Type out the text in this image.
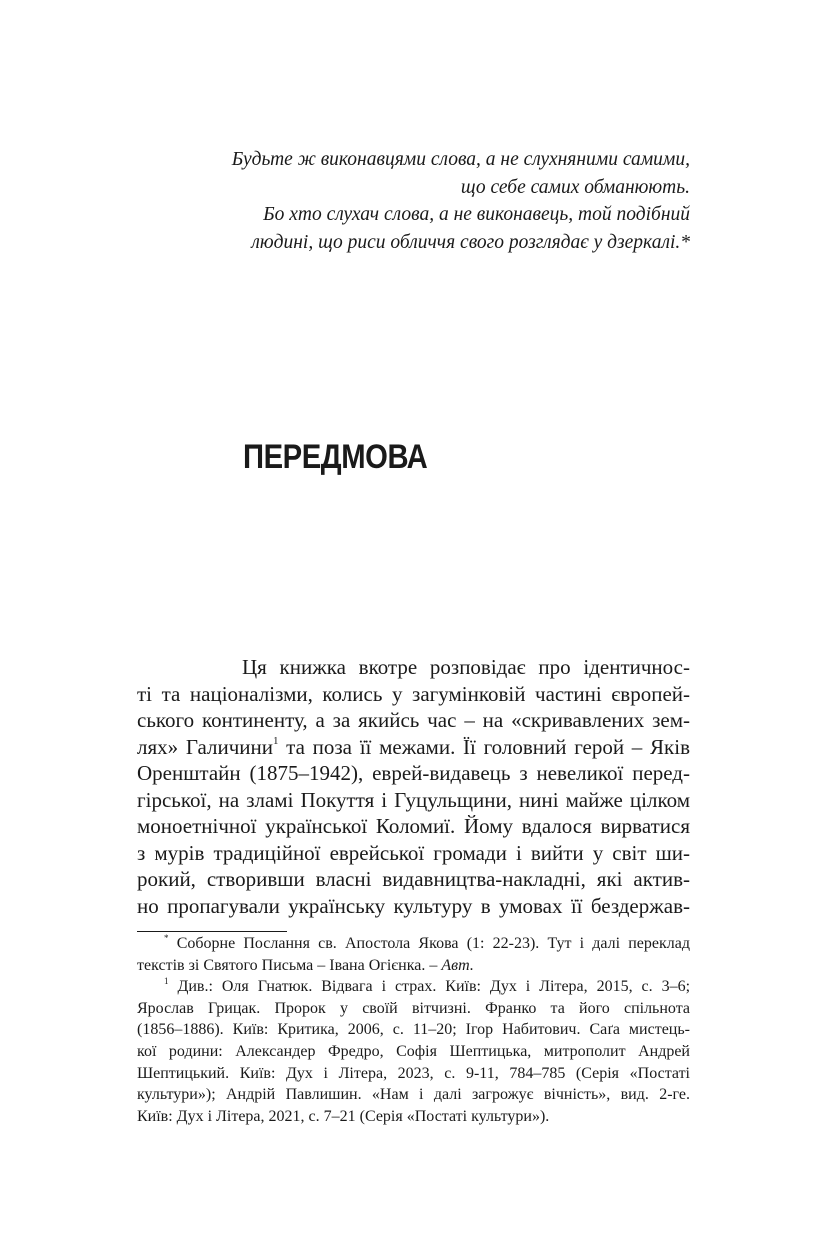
Будьте ж виконавцями слова, а не слухняними самими,
що себе самих обманюють.
Бо хто слухач слова, а не виконавець, той подібний
людині, що риси обличчя свого розглядає у дзеркалі.*
ПЕРЕДМОВА
Ця книжка вкотре розповідає про ідентичнос-
ті та націоналізми, колись у загумінковій частині європей-
ського континенту, а за якийсь час – на «скривавлених зем-
лях» Галичини$^1$ та поза її межами. Її головний герой – Яків
Оренштайн (1875–1942), еврей-видавець з невеликої перед-
гірської, на зламі Покуття і Гуцульщини, нині майже цілком
моноетнічної української Коломиї. Йому вдалося вирватися
з мурів традиційної еврейської громади і вийти у світ ши-
рокий, створивши власні видавництва-накладні, які актив-
но пропагували українську культуру в умовах її бездержав-
* Соборне Послання св. Апостола Якова (1: 22-23). Тут і далі переклад
текстів зі Святого Письма – Івана Огієнка. – Авт.
$^1$ Див.: Оля Гнатюк. Відвага і страх. Київ: Дух і Літера, 2015, с. 3–6;
Ярослав Грицак. Пророк у своїй вітчизні. Франко та його спільнота
(1856–1886). Київ: Критика, 2006, с. 11–20; Ігор Набитович. Сaґa мистець-
кої родини: Александер Фредро, Софія Шептицька, митрополит Андрей
Шептицький. Київ: Дух і Літера, 2023, с. 9-11, 784–785 (Серія «Постаті
культури»); Андрій Павлишин. «Нам і далі загрожує вічність», вид. 2-ге.
Київ: Дух і Літера, 2021, с. 7–21 (Серія «Постаті культури»).
